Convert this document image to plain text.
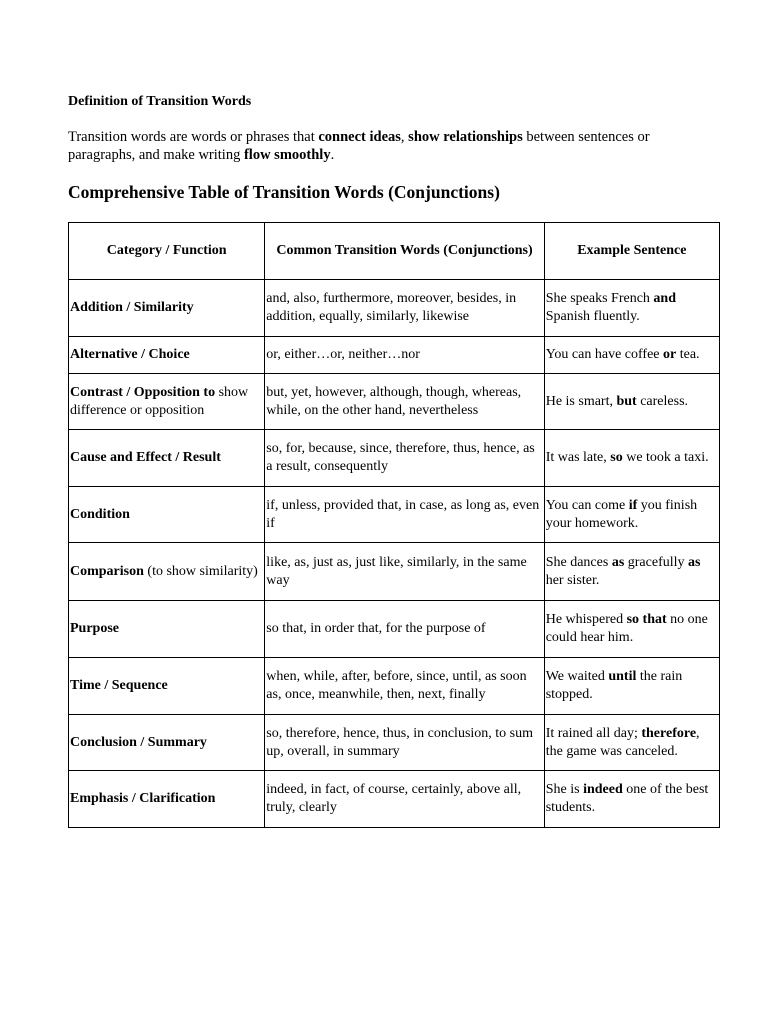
Definition of Transition Words

Transition words are words or phrases that connect ideas, show relationships between sentences or paragraphs, and make writing flow smoothly.

Comprehensive Table of Transition Words (Conjunctions)

Category / Function	Common Transition Words (Conjunctions)	Example Sentence
Addition / Similarity	and, also, furthermore, moreover, besides, in addition, equally, similarly, likewise	She speaks French and Spanish fluently.
Alternative / Choice	or, either…or, neither…nor	You can have coffee or tea.
Contrast / Opposition to show difference or opposition	but, yet, however, although, though, whereas, while, on the other hand, nevertheless	He is smart, but careless.
Cause and Effect / Result	so, for, because, since, therefore, thus, hence, as a result, consequently	It was late, so we took a taxi.
Condition	if, unless, provided that, in case, as long as, even if	You can come if you finish your homework.
Comparison (to show similarity)	like, as, just as, just like, similarly, in the same way	She dances as gracefully as her sister.
Purpose	so that, in order that, for the purpose of	He whispered so that no one could hear him.
Time / Sequence	when, while, after, before, since, until, as soon as, once, meanwhile, then, next, finally	We waited until the rain stopped.
Conclusion / Summary	so, therefore, hence, thus, in conclusion, to sum up, overall, in summary	It rained all day; therefore, the game was canceled.
Emphasis / Clarification	indeed, in fact, of course, certainly, above all, truly, clearly	She is indeed one of the best students.
